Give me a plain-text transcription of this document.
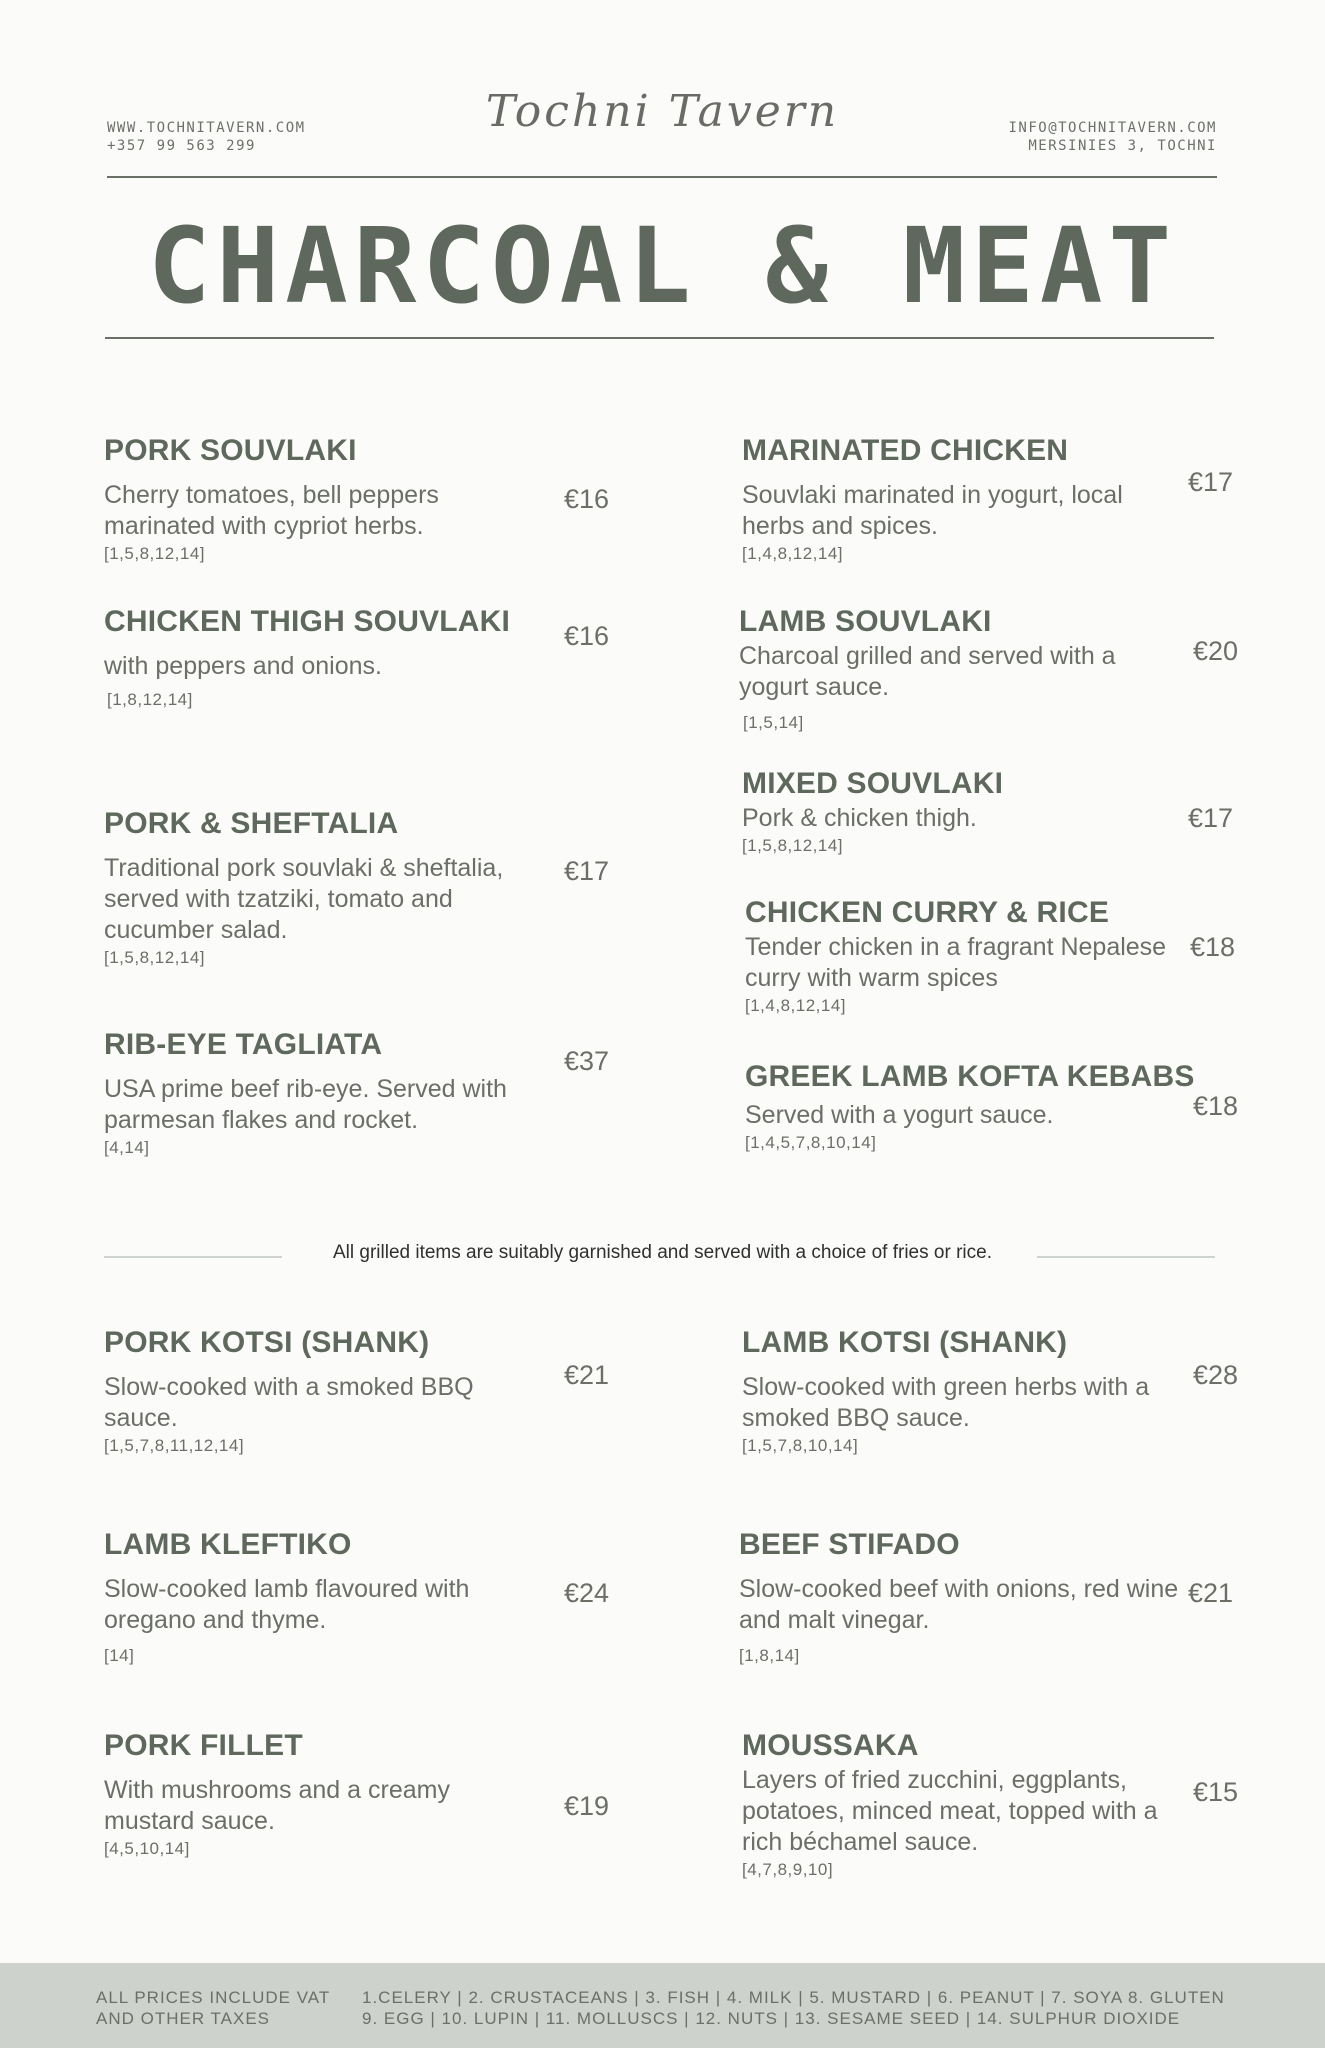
WWW.TOCHNITAVERN.COM
+357 99 563 299
Tochni Tavern	INFO@TOCHNITAVERN.COM
MERSINIES 3, TOCHNI
CHARCOAL & MEAT
PORK SOUVLAKI
Cherry tomatoes, bell peppers marinated with cypriot herbs.
[1,5,8,12,14]
€16
CHICKEN THIGH SOUVLAKI
with peppers and onions.
[1,8,12,14]
€16
PORK & SHEFTALIA
Traditional pork souvlaki & sheftalia, served with tzatziki, tomato and cucumber salad.
[1,5,8,12,14]
€17
RIB-EYE TAGLIATA
USA prime beef rib-eye. Served with parmesan flakes and rocket.
[4,14]
€37
MARINATED CHICKEN
Souvlaki marinated in yogurt, local herbs and spices.
[1,4,8,12,14]
€17
LAMB SOUVLAKI
Charcoal grilled and served with a yogurt sauce.
[1,5,14]
€20
MIXED SOUVLAKI
Pork & chicken thigh.
[1,5,8,12,14]
€17
CHICKEN CURRY & RICE
Tender chicken in a fragrant Nepalese curry with warm spices
[1,4,8,12,14]
€18
GREEK LAMB KOFTA KEBABS
Served with a yogurt sauce.
[1,4,5,7,8,10,14]
€18
All grilled items are suitably garnished and served with a choice of fries or rice.
PORK KOTSI (SHANK)
Slow-cooked with a smoked BBQ sauce.
[1,5,7,8,11,12,14]
€21
LAMB KLEFTIKO
Slow-cooked lamb flavoured with oregano and thyme.
[14]
€24
PORK FILLET
With mushrooms and a creamy mustard sauce.
[4,5,10,14]
€19
LAMB KOTSI (SHANK)
Slow-cooked with green herbs with a smoked BBQ sauce.
[1,5,7,8,10,14]
€28
BEEF STIFADO
Slow-cooked beef with onions, red wine and malt vinegar.
[1,8,14]
€21
MOUSSAKA
Layers of fried zucchini, eggplants, potatoes, minced meat, topped with a rich béchamel sauce.
[4,7,8,9,10]
€15
ALL PRICES INCLUDE VAT
AND OTHER TAXES
1.CELERY | 2. CRUSTACEANS | 3. FISH | 4. MILK | 5. MUSTARD | 6. PEANUT | 7. SOYA 8. GLUTEN
9. EGG | 10. LUPIN | 11. MOLLUSCS | 12. NUTS | 13. SESAME SEED | 14. SULPHUR DIOXIDE
